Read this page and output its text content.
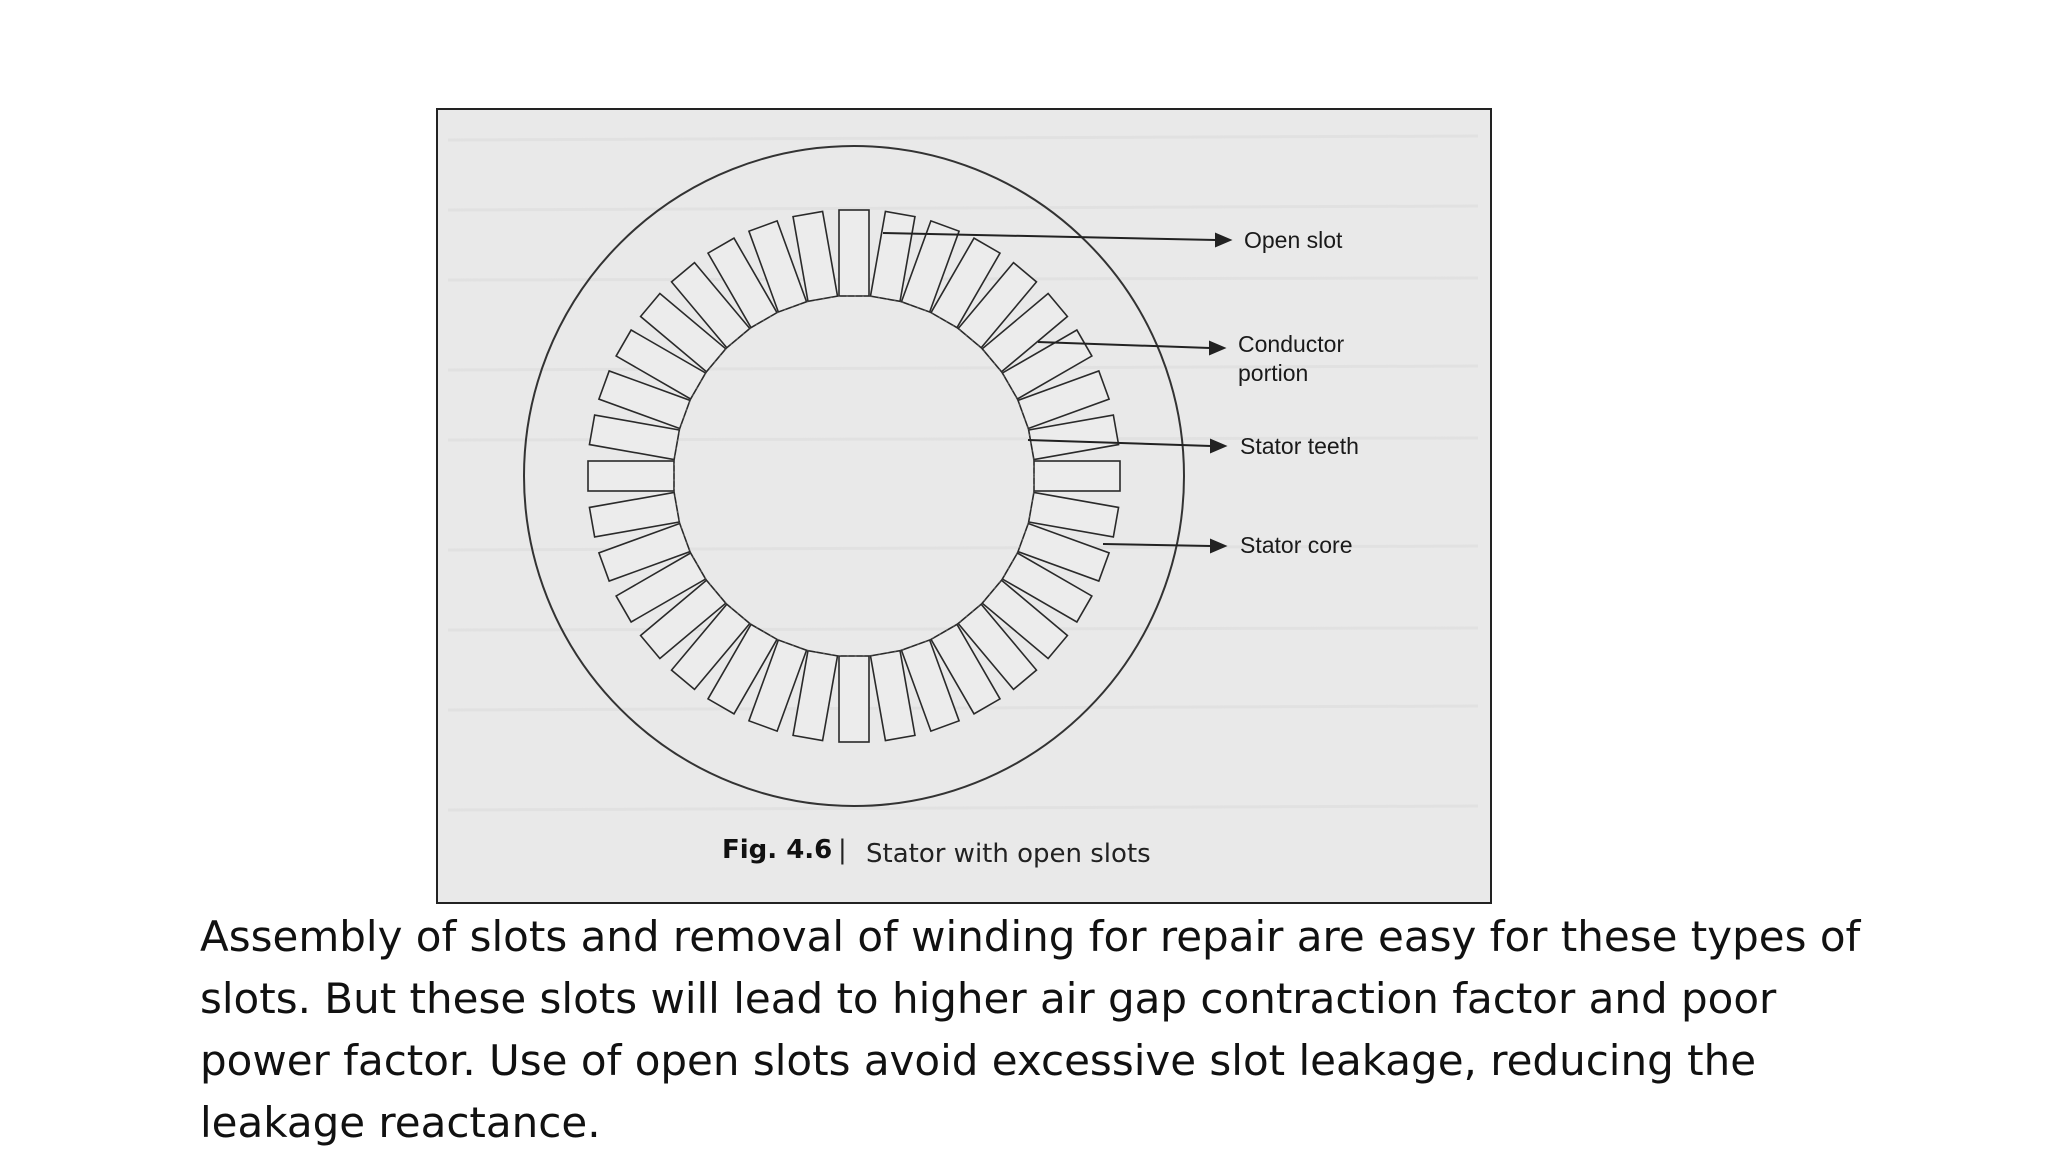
Open slot
Conductor
portion
Stator teeth
Stator core
Fig. 4.6 | Stator with open slots

Assembly of slots and removal of winding for repair are easy for these types of slots. But these slots will lead to higher air gap contraction factor and poor power factor. Use of open slots avoid excessive slot leakage, reducing the leakage reactance.
